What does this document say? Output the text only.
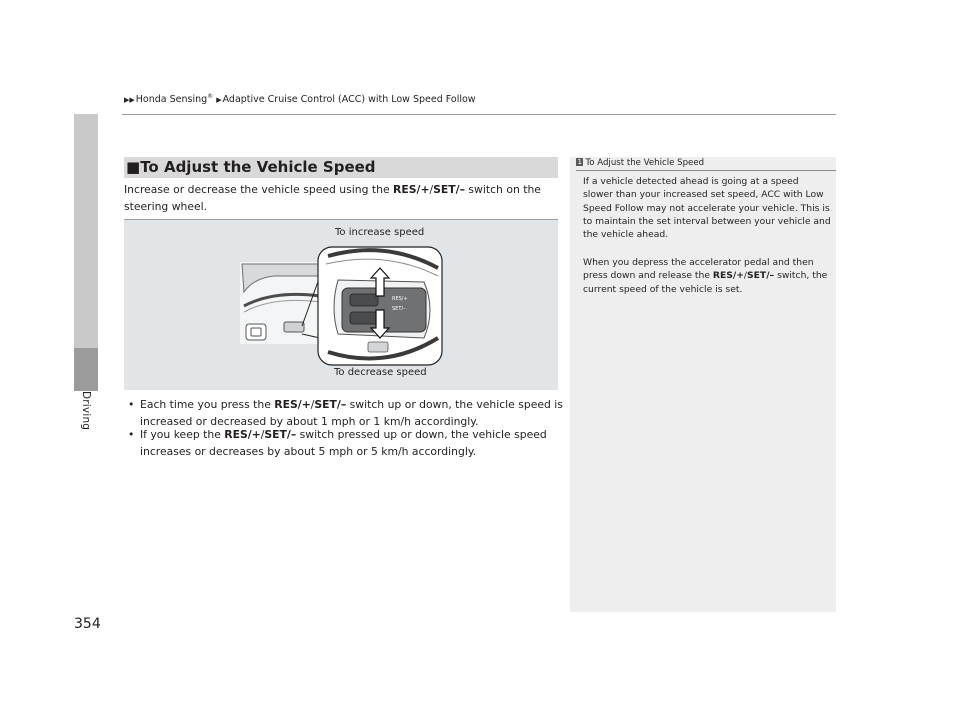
▶▶Honda Sensing® ▶Adaptive Cruise Control (ACC) with Low Speed Follow
Driving
354
■To Adjust the Vehicle Speed
Increase or decrease the vehicle speed using the RES/+/SET/– switch on the steering wheel.
RES/+
SET/–
To increase speed
To decrease speed
• Each time you press the RES/+/SET/– switch up or down, the vehicle speed is increased or decreased by about 1 mph or 1 km/h accordingly.
• If you keep the RES/+/SET/– switch pressed up or down, the vehicle speed increases or decreases by about 5 mph or 5 km/h accordingly.
1 To Adjust the Vehicle Speed
If a vehicle detected ahead is going at a speed slower than your increased set speed, ACC with Low Speed Follow may not accelerate your vehicle. This is to maintain the set interval between your vehicle and the vehicle ahead.
When you depress the accelerator pedal and then press down and release the RES/+/SET/– switch, the current speed of the vehicle is set.
